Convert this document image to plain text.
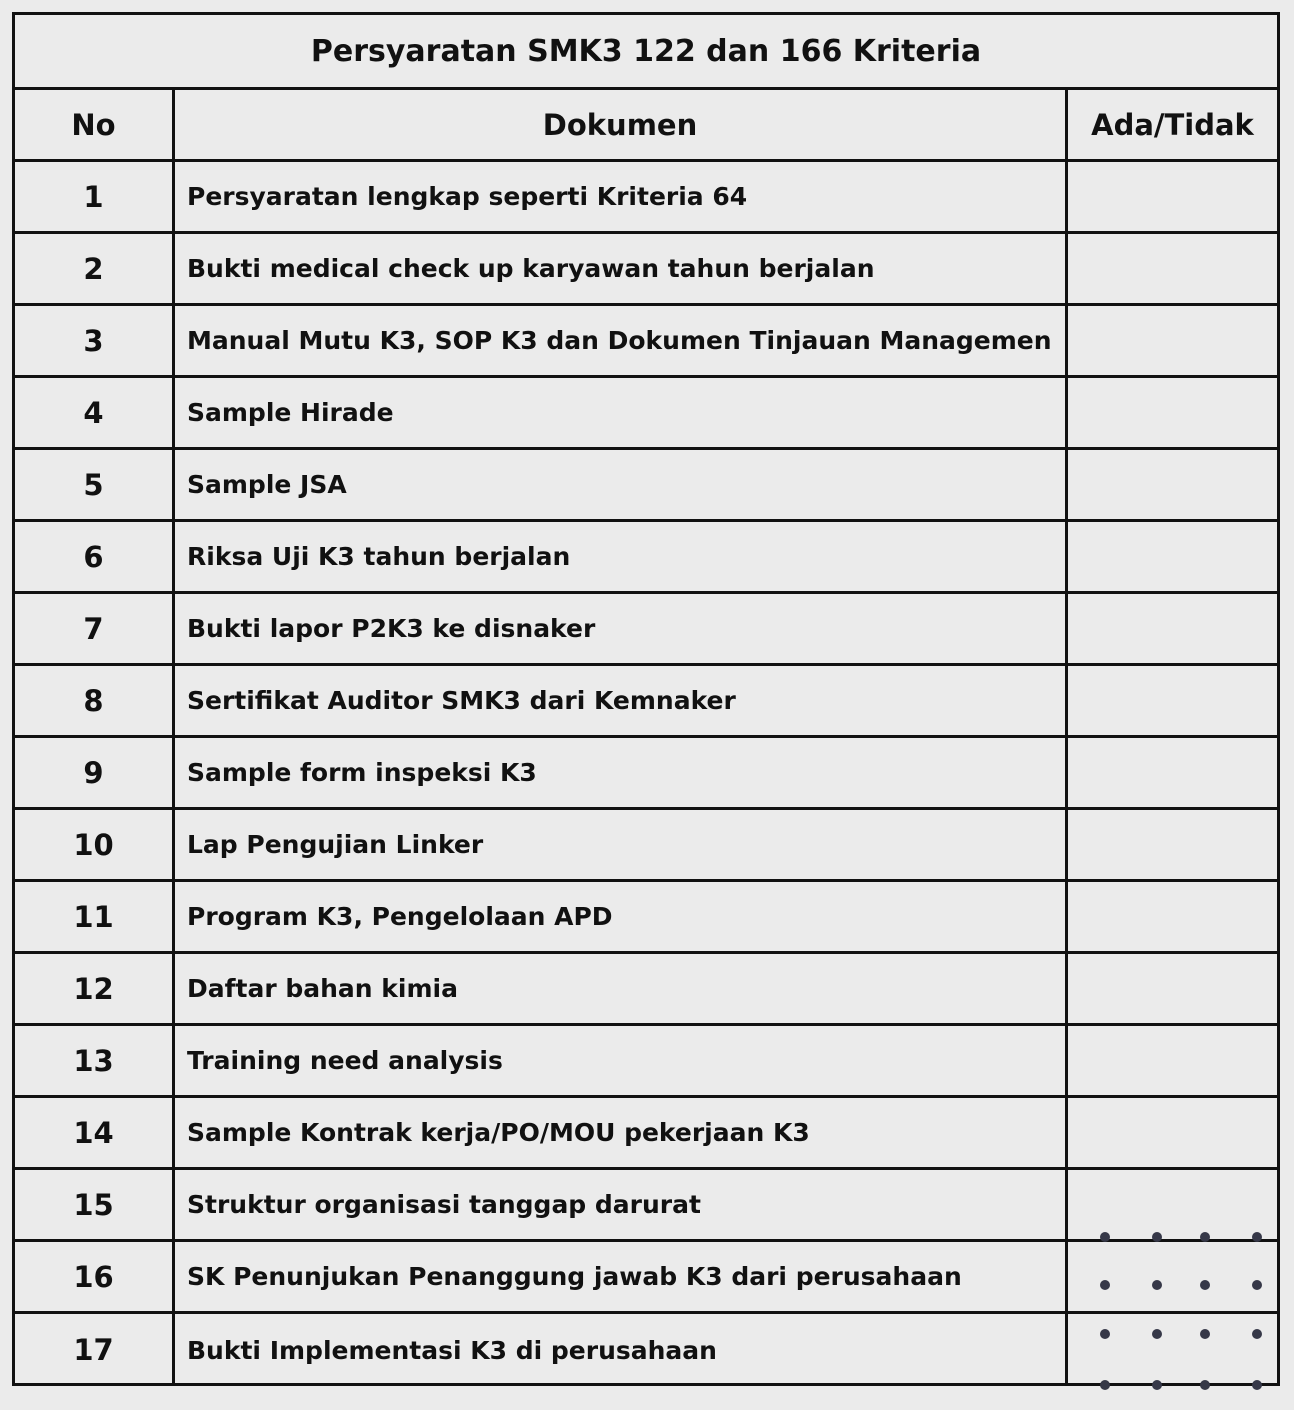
Persyaratan SMK3 122 dan 166 Kriteria
No	Dokumen	Ada/Tidak
1	Persyaratan lengkap seperti Kriteria 64
2	Bukti medical check up karyawan tahun berjalan
3	Manual Mutu K3, SOP K3 dan Dokumen Tinjauan Managemen
4	Sample Hirade
5	Sample JSA
6	Riksa Uji K3 tahun berjalan
7	Bukti lapor P2K3 ke disnaker
8	Sertifikat Auditor SMK3 dari Kemnaker
9	Sample form inspeksi K3
10	Lap Pengujian Linker
11	Program K3, Pengelolaan APD
12	Daftar bahan kimia
13	Training need analysis
14	Sample Kontrak kerja/PO/MOU pekerjaan K3
15	Struktur organisasi tanggap darurat
16	SK Penunjukan Penanggung jawab K3 dari perusahaan
17	Bukti Implementasi K3 di perusahaan
